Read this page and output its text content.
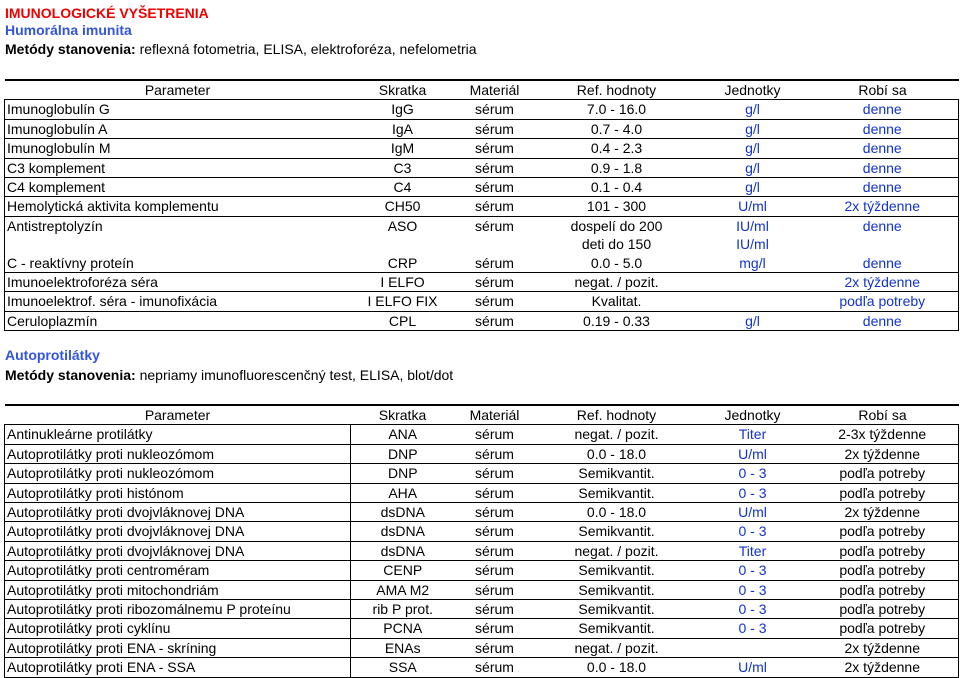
IMUNOLOGICKÉ VYŠETRENIA
Humorálna imunita
Metódy stanovenia: reflexná fotometria, ELISA, elektroforéza, nefelometria
Parameter	Skratka	Materiál	Ref. hodnoty	Jednotky	Robí sa
Imunoglobulín G	IgG	sérum	7.0 - 16.0	g/l	denne
Imunoglobulín A	IgA	sérum	0.7 - 4.0	g/l	denne
Imunoglobulín M	IgM	sérum	0.4 - 2.3	g/l	denne
C3 komplement	C3	sérum	0.9 - 1.8	g/l	denne
C4 komplement	C4	sérum	0.1 - 0.4	g/l	denne
Hemolytická aktivita komplementu	CH50	sérum	101 - 300	U/ml	2x týždenne
Antistreptolyzín	ASO	sérum	dospelí do 200	IU/ml	denne
			deti do 150	IU/ml	
C - reaktívny proteín	CRP	sérum	0.0 - 5.0	mg/l	denne
Imunoelektroforéza séra	I ELFO	sérum	negat. / pozit.		2x týždenne
Imunoelektrof. séra - imunofixácia	I ELFO FIX	sérum	Kvalitat.		podľa potreby
Ceruloplazmín	CPL	sérum	0.19 - 0.33	g/l	denne
Autoprotilátky
Metódy stanovenia: nepriamy imunofluorescenčný test, ELISA, blot/dot
Parameter	Skratka	Materiál	Ref. hodnoty	Jednotky	Robí sa
Antinukleárne protilátky	ANA	sérum	negat. / pozit.	Titer	2-3x týždenne
Autoprotilátky proti nukleozómom	DNP	sérum	0.0 - 18.0	U/ml	2x týždenne
Autoprotilátky proti nukleozómom	DNP	sérum	Semikvantit.	0 - 3	podľa potreby
Autoprotilátky proti histónom	AHA	sérum	Semikvantit.	0 - 3	podľa potreby
Autoprotilátky proti dvojvláknovej DNA	dsDNA	sérum	0.0 - 18.0	U/ml	2x týždenne
Autoprotilátky proti dvojvláknovej DNA	dsDNA	sérum	Semikvantit.	0 - 3	podľa potreby
Autoprotilátky proti dvojvláknovej DNA	dsDNA	sérum	negat. / pozit.	Titer	podľa potreby
Autoprotilátky proti centroméram	CENP	sérum	Semikvantit.	0 - 3	podľa potreby
Autoprotilátky proti mitochondriám	AMA M2	sérum	Semikvantit.	0 - 3	podľa potreby
Autoprotilátky proti ribozomálnemu P proteínu	rib P prot.	sérum	Semikvantit.	0 - 3	podľa potreby
Autoprotilátky proti cyklínu	PCNA	sérum	Semikvantit.	0 - 3	podľa potreby
Autoprotilátky proti ENA - skríning	ENAs	sérum	negat. / pozit.		2x týždenne
Autoprotilátky proti ENA - SSA	SSA	sérum	0.0 - 18.0	U/ml	2x týždenne
